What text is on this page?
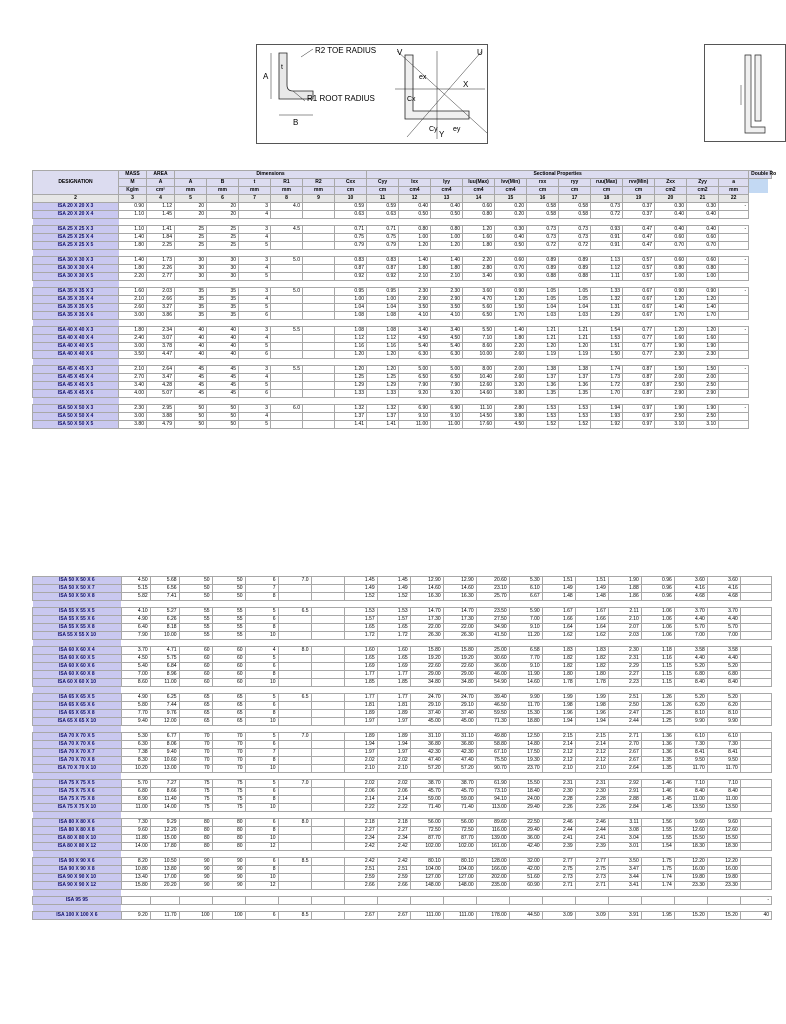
R2 TOE RADIUS
R1 ROOT RADIUS
A
B
t
V	U
X
Y
ex
Cx
Cy ey
DESIGNATION	MASS	AREA	Dimensions						Sectional Properties												Double Ro
	M	A	A	B	t	R1	R2	Cxx	Cyy	Ixx	Iyy	Iuu(Max)	Ivv(Min)	rxx	ryy	ruu(Max)	rvv(Min)	Zxx	Zyy	a	
	Kg/m	cm²	mm	mm	mm	mm	mm	cm	cm	cm4	cm4	cm4	cm4	cm	cm	cm	cm	cm2	cm2	mm	
2	3	4	5	6	7	8	9	10	11	12	13	14	15	16	17	18	19	20	21	22	
ISA 20 X 20 X 3	0.90	1.12	20	20	3	4.0		0.59	0.59	0.40	0.40	0.60	0.20	0.58	0.58	0.73	0.37	0.30	0.30	-	
ISA 20 X 20 X 4	1.10	1.45	20	20	4			0.63	0.63	0.50	0.50	0.80	0.20	0.58	0.58	0.72	0.37	0.40	0.40		

ISA 25 X 25 X 3	1.10	1.41	25	25	3	4.5		0.71	0.71	0.80	0.80	1.20	0.30	0.73	0.73	0.93	0.47	0.40	0.40	-	
ISA 25 X 25 X 4	1.40	1.84	25	25	4			0.75	0.75	1.00	1.00	1.60	0.40	0.73	0.73	0.91	0.47	0.60	0.60		
ISA 25 X 25 X 5	1.80	2.25	25	25	5			0.79	0.79	1.20	1.20	1.80	0.50	0.72	0.72	0.91	0.47	0.70	0.70		

ISA 30 X 30 X 3	1.40	1.73	30	30	3	5.0		0.83	0.83	1.40	1.40	2.20	0.60	0.89	0.89	1.13	0.57	0.60	0.60	-	
ISA 30 X 30 X 4	1.80	2.26	30	30	4			0.87	0.87	1.80	1.80	2.80	0.70	0.89	0.89	1.12	0.57	0.80	0.80		
ISA 30 X 30 X 5	2.20	2.77	30	30	5			0.92	0.92	2.10	2.10	3.40	0.90	0.88	0.88	1.11	0.57	1.00	1.00		

ISA 35 X 35 X 3	1.60	2.03	35	35	3	5.0		0.95	0.95	2.30	2.30	3.60	0.90	1.05	1.05	1.33	0.67	0.90	0.90	-	
ISA 35 X 35 X 4	2.10	2.66	35	35	4			1.00	1.00	2.90	2.90	4.70	1.20	1.05	1.05	1.32	0.67	1.20	1.20		
ISA 35 X 35 X 5	2.60	3.27	35	35	5			1.04	1.04	3.50	3.50	5.60	1.50	1.04	1.04	1.31	0.67	1.40	1.40		
ISA 35 X 35 X 6	3.00	3.86	35	35	6			1.08	1.08	4.10	4.10	6.50	1.70	1.03	1.03	1.29	0.67	1.70	1.70		

ISA 40 X 40 X 3	1.80	2.34	40	40	3	5.5		1.08	1.08	3.40	3.40	5.50	1.40	1.21	1.21	1.54	0.77	1.20	1.20	-	
ISA 40 X 40 X 4	2.40	3.07	40	40	4			1.12	1.12	4.50	4.50	7.10	1.80	1.21	1.21	1.53	0.77	1.60	1.60		
ISA 40 X 40 X 5	3.00	3.78	40	40	5			1.16	1.16	5.40	5.40	8.60	2.20	1.20	1.20	1.51	0.77	1.90	1.90		
ISA 40 X 40 X 6	3.50	4.47	40	40	6			1.20	1.20	6.30	6.30	10.00	2.60	1.19	1.19	1.50	0.77	2.30	2.30		

ISA 45 X 45 X 3	2.10	2.64	45	45	3	5.5		1.20	1.20	5.00	5.00	8.00	2.00	1.38	1.38	1.74	0.87	1.50	1.50	-	
ISA 45 X 45 X 4	2.70	3.47	45	45	4			1.25	1.25	6.50	6.50	10.40	2.60	1.37	1.37	1.73	0.87	2.00	2.00		
ISA 45 X 45 X 5	3.40	4.28	45	45	5			1.29	1.29	7.90	7.90	12.60	3.20	1.36	1.36	1.72	0.87	2.50	2.50		
ISA 45 X 45 X 6	4.00	5.07	45	45	6			1.33	1.33	9.20	9.20	14.60	3.80	1.35	1.35	1.70	0.87	2.90	2.90		

ISA 50 X 50 X 3	2.30	2.95	50	50	3	6.0		1.32	1.32	6.90	6.90	11.10	2.80	1.53	1.53	1.94	0.97	1.90	1.90	-	
ISA 50 X 50 X 4	3.00	3.88	50	50	4			1.37	1.37	9.10	9.10	14.50	3.80	1.53	1.53	1.93	0.97	2.50	2.50		
ISA 50 X 50 X 5	3.80	4.79	50	50	5			1.41	1.41	11.00	11.00	17.60	4.50	1.52	1.52	1.92	0.97	3.10	3.10		
ISA 50 X 50 X 6	4.50	5.68	50	50	6	7.0		1.45	1.45	12.90	12.90	20.60	5.30	1.51	1.51	1.90	0.96	3.60	3.60	
ISA 50 X 50 X 7	5.15	6.56	50	50	7			1.49	1.49	14.60	14.60	23.10	6.10	1.49	1.49	1.88	0.96	4.16	4.16	
ISA 50 X 50 X 8	5.82	7.41	50	50	8			1.52	1.52	16.30	16.30	25.70	6.67	1.48	1.48	1.86	0.96	4.68	4.68	

ISA 55 X 55 X 5	4.10	5.27	55	55	5	6.5		1.53	1.53	14.70	14.70	23.50	5.90	1.67	1.67	2.11	1.06	3.70	3.70	
ISA 55 X 55 X 6	4.90	6.26	55	55	6			1.57	1.57	17.30	17.30	27.50	7.00	1.66	1.66	2.10	1.06	4.40	4.40	
ISA 55 X 55 X 8	6.40	8.18	55	55	8			1.65	1.65	22.00	22.00	34.90	9.10	1.64	1.64	2.07	1.06	5.70	5.70	
ISA 55 X 55 X 10	7.90	10.00	55	55	10			1.72	1.72	26.30	26.30	41.50	11.20	1.62	1.62	2.03	1.06	7.00	7.00	

ISA 60 X 60 X 4	3.70	4.71	60	60	4	8.0		1.60	1.60	15.80	15.80	25.00	6.58	1.83	1.83	2.30	1.18	3.58	3.58	
ISA 60 X 60 X 5	4.50	5.75	60	60	5			1.65	1.65	19.20	19.20	30.60	7.70	1.82	1.82	2.31	1.16	4.40	4.40	
ISA 60 X 60 X 6	5.40	6.84	60	60	6			1.69	1.69	22.60	22.60	36.00	9.10	1.82	1.82	2.29	1.15	5.20	5.20	
ISA 60 X 60 X 8	7.00	8.96	60	60	8			1.77	1.77	29.00	29.00	46.00	11.90	1.80	1.80	2.27	1.15	6.80	6.80	
ISA 60 X 60 X 10	8.60	11.00	60	60	10			1.85	1.85	34.80	34.80	54.90	14.60	1.78	1.78	2.23	1.15	8.40	8.40	

ISA 65 X 65 X 5	4.90	6.25	65	65	5	6.5		1.77	1.77	24.70	24.70	39.40	9.90	1.99	1.99	2.51	1.26	5.20	5.20	
ISA 65 X 65 X 6	5.80	7.44	65	65	6			1.81	1.81	29.10	29.10	46.50	11.70	1.98	1.98	2.50	1.26	6.20	6.20	
ISA 65 X 65 X 8	7.70	9.76	65	65	8			1.89	1.89	37.40	37.40	59.50	15.30	1.96	1.96	2.47	1.25	8.10	8.10	
ISA 65 X 65 X 10	9.40	12.00	65	65	10			1.97	1.97	45.00	45.00	71.30	18.80	1.94	1.94	2.44	1.25	9.90	9.90	

ISA 70 X 70 X 5	5.30	6.77	70	70	5	7.0		1.89	1.89	31.10	31.10	49.80	12.50	2.15	2.15	2.71	1.36	6.10	6.10	
ISA 70 X 70 X 6	6.30	8.06	70	70	6			1.94	1.94	36.80	36.80	58.80	14.80	2.14	2.14	2.70	1.36	7.30	7.30	
ISA 70 X 70 X 7	7.38	9.40	70	70	7			1.97	1.97	42.30	42.30	67.10	17.50	2.12	2.12	2.67	1.36	8.41	8.41	
ISA 70 X 70 X 8	8.30	10.60	70	70	8			2.02	2.02	47.40	47.40	75.50	19.30	2.12	2.12	2.67	1.35	9.50	9.50	
ISA 70 X 70 X 10	10.20	13.00	70	70	10			2.10	2.10	57.20	57.20	90.70	23.70	2.10	2.10	2.64	1.35	11.70	11.70	

ISA 75 X 75 X 5	5.70	7.27	75	75	5	7.0		2.02	2.02	38.70	38.70	61.90	15.50	2.31	2.31	2.92	1.46	7.10	7.10	
ISA 75 X 75 X 6	6.80	8.66	75	75	6			2.06	2.06	45.70	45.70	73.10	18.40	2.30	2.30	2.91	1.46	8.40	8.40	
ISA 75 X 75 X 8	8.90	11.40	75	75	8			2.14	2.14	59.00	59.00	94.10	24.00	2.28	2.28	2.88	1.45	11.00	11.00	
ISA 75 X 75 X 10	11.00	14.00	75	75	10			2.22	2.22	71.40	71.40	113.00	29.40	2.26	2.26	2.84	1.45	13.50	13.50	

ISA 80 X 80 X 6	7.30	9.29	80	80	6	8.0		2.18	2.18	56.00	56.00	89.60	22.50	2.46	2.46	3.11	1.56	9.60	9.60	
ISA 80 X 80 X 8	9.60	12.20	80	80	8			2.27	2.27	72.50	72.50	116.00	29.40	2.44	2.44	3.08	1.55	12.60	12.60	
ISA 80 X 80 X 10	11.80	15.00	80	80	10			2.34	2.34	87.70	87.70	139.00	36.00	2.41	2.41	3.04	1.55	15.50	15.50	
ISA 80 X 80 X 12	14.00	17.80	80	80	12			2.42	2.42	102.00	102.00	161.00	42.40	2.39	2.39	3.01	1.54	18.30	18.30	

ISA 90 X 90 X 6	8.20	10.50	90	90	6	8.5		2.42	2.42	80.10	80.10	128.00	32.00	2.77	2.77	3.50	1.75	12.20	12.20	
ISA 90 X 90 X 8	10.80	13.80	90	90	8			2.51	2.51	104.00	104.00	166.00	42.00	2.75	2.75	3.47	1.75	16.00	16.00	
ISA 90 X 90 X 10	13.40	17.00	90	90	10			2.59	2.59	127.00	127.00	202.00	51.60	2.73	2.73	3.44	1.74	19.80	19.80	
ISA 90 X 90 X 12	15.80	20.20	90	90	12			2.66	2.66	148.00	148.00	235.00	60.90	2.71	2.71	3.41	1.74	23.30	23.30	

ISA 95 95																				-

ISA 100 X 100 X 6	9.20	11.70	100	100	6	8.5		2.67	2.67	111.00	111.00	178.00	44.50	3.09	3.09	3.91	1.95	15.20	15.20	40
